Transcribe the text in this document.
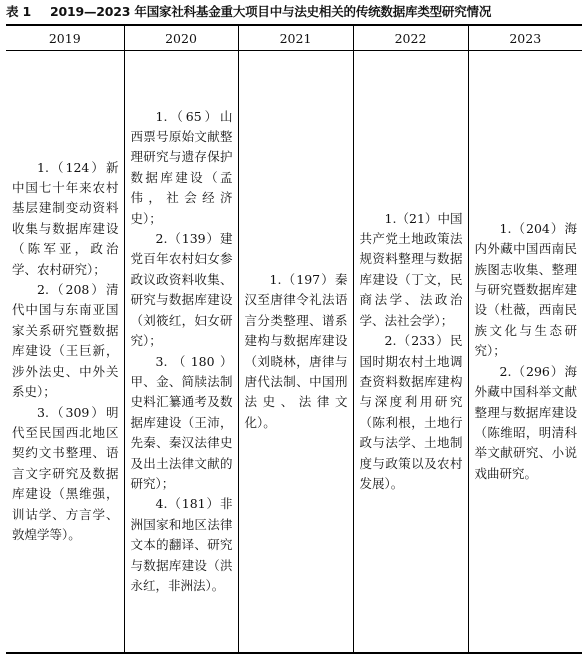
表 1 2019—2023 年国家社科基金重大项目中与法史相关的传统数据库类型研究情况
2019	2020	2021	2022	2023

1.（124）新中国七十年来农村基层建制变动资料收集与数据库建设（陈军亚，政治学、农村研究）；
2.（208）清代中国与东南亚国家关系研究暨数据库建设（王巨新，涉外法史、中外关系史）；
3.（309）明代至民国西北地区契约文书整理、语言文字研究及数据库建设（黑维强，训诂学、方言学、敦煌学等）。	1.（65）山西票号原始文献整理研究与遗存保护数据库建设（孟伟，社会经济史）；
2.（139）建党百年农村妇女参政议政资料收集、研究与数据库建设（刘筱红，妇女研究）；
3.（180）甲、金、简牍法制史料汇纂通考及数据库建设（王沛，先秦、秦汉法律史及出土法律文献的研究）；
4.（181）非洲国家和地区法律文本的翻译、研究与数据库建设（洪永红，非洲法）。	1.（197）秦汉至唐律令礼法语言分类整理、谱系建构与数据库建设（刘晓林，唐律与唐代法制、中国刑法史、法律文化）。	1.（21）中国共产党土地政策法规资料整理与数据库建设（丁文，民商法学、法政治学、法社会学）；
2.（233）民国时期农村土地调查资料数据库建构与深度利用研究（陈利根，土地行政与法学、土地制度与政策以及农村发展）。	1.（204）海内外藏中国西南民族图志收集、整理与研究暨数据库建设（杜薇，西南民族文化与生态研究）；
2.（296）海外藏中国科举文献整理与数据库建设（陈维昭，明清科举文献研究、小说戏曲研究。
